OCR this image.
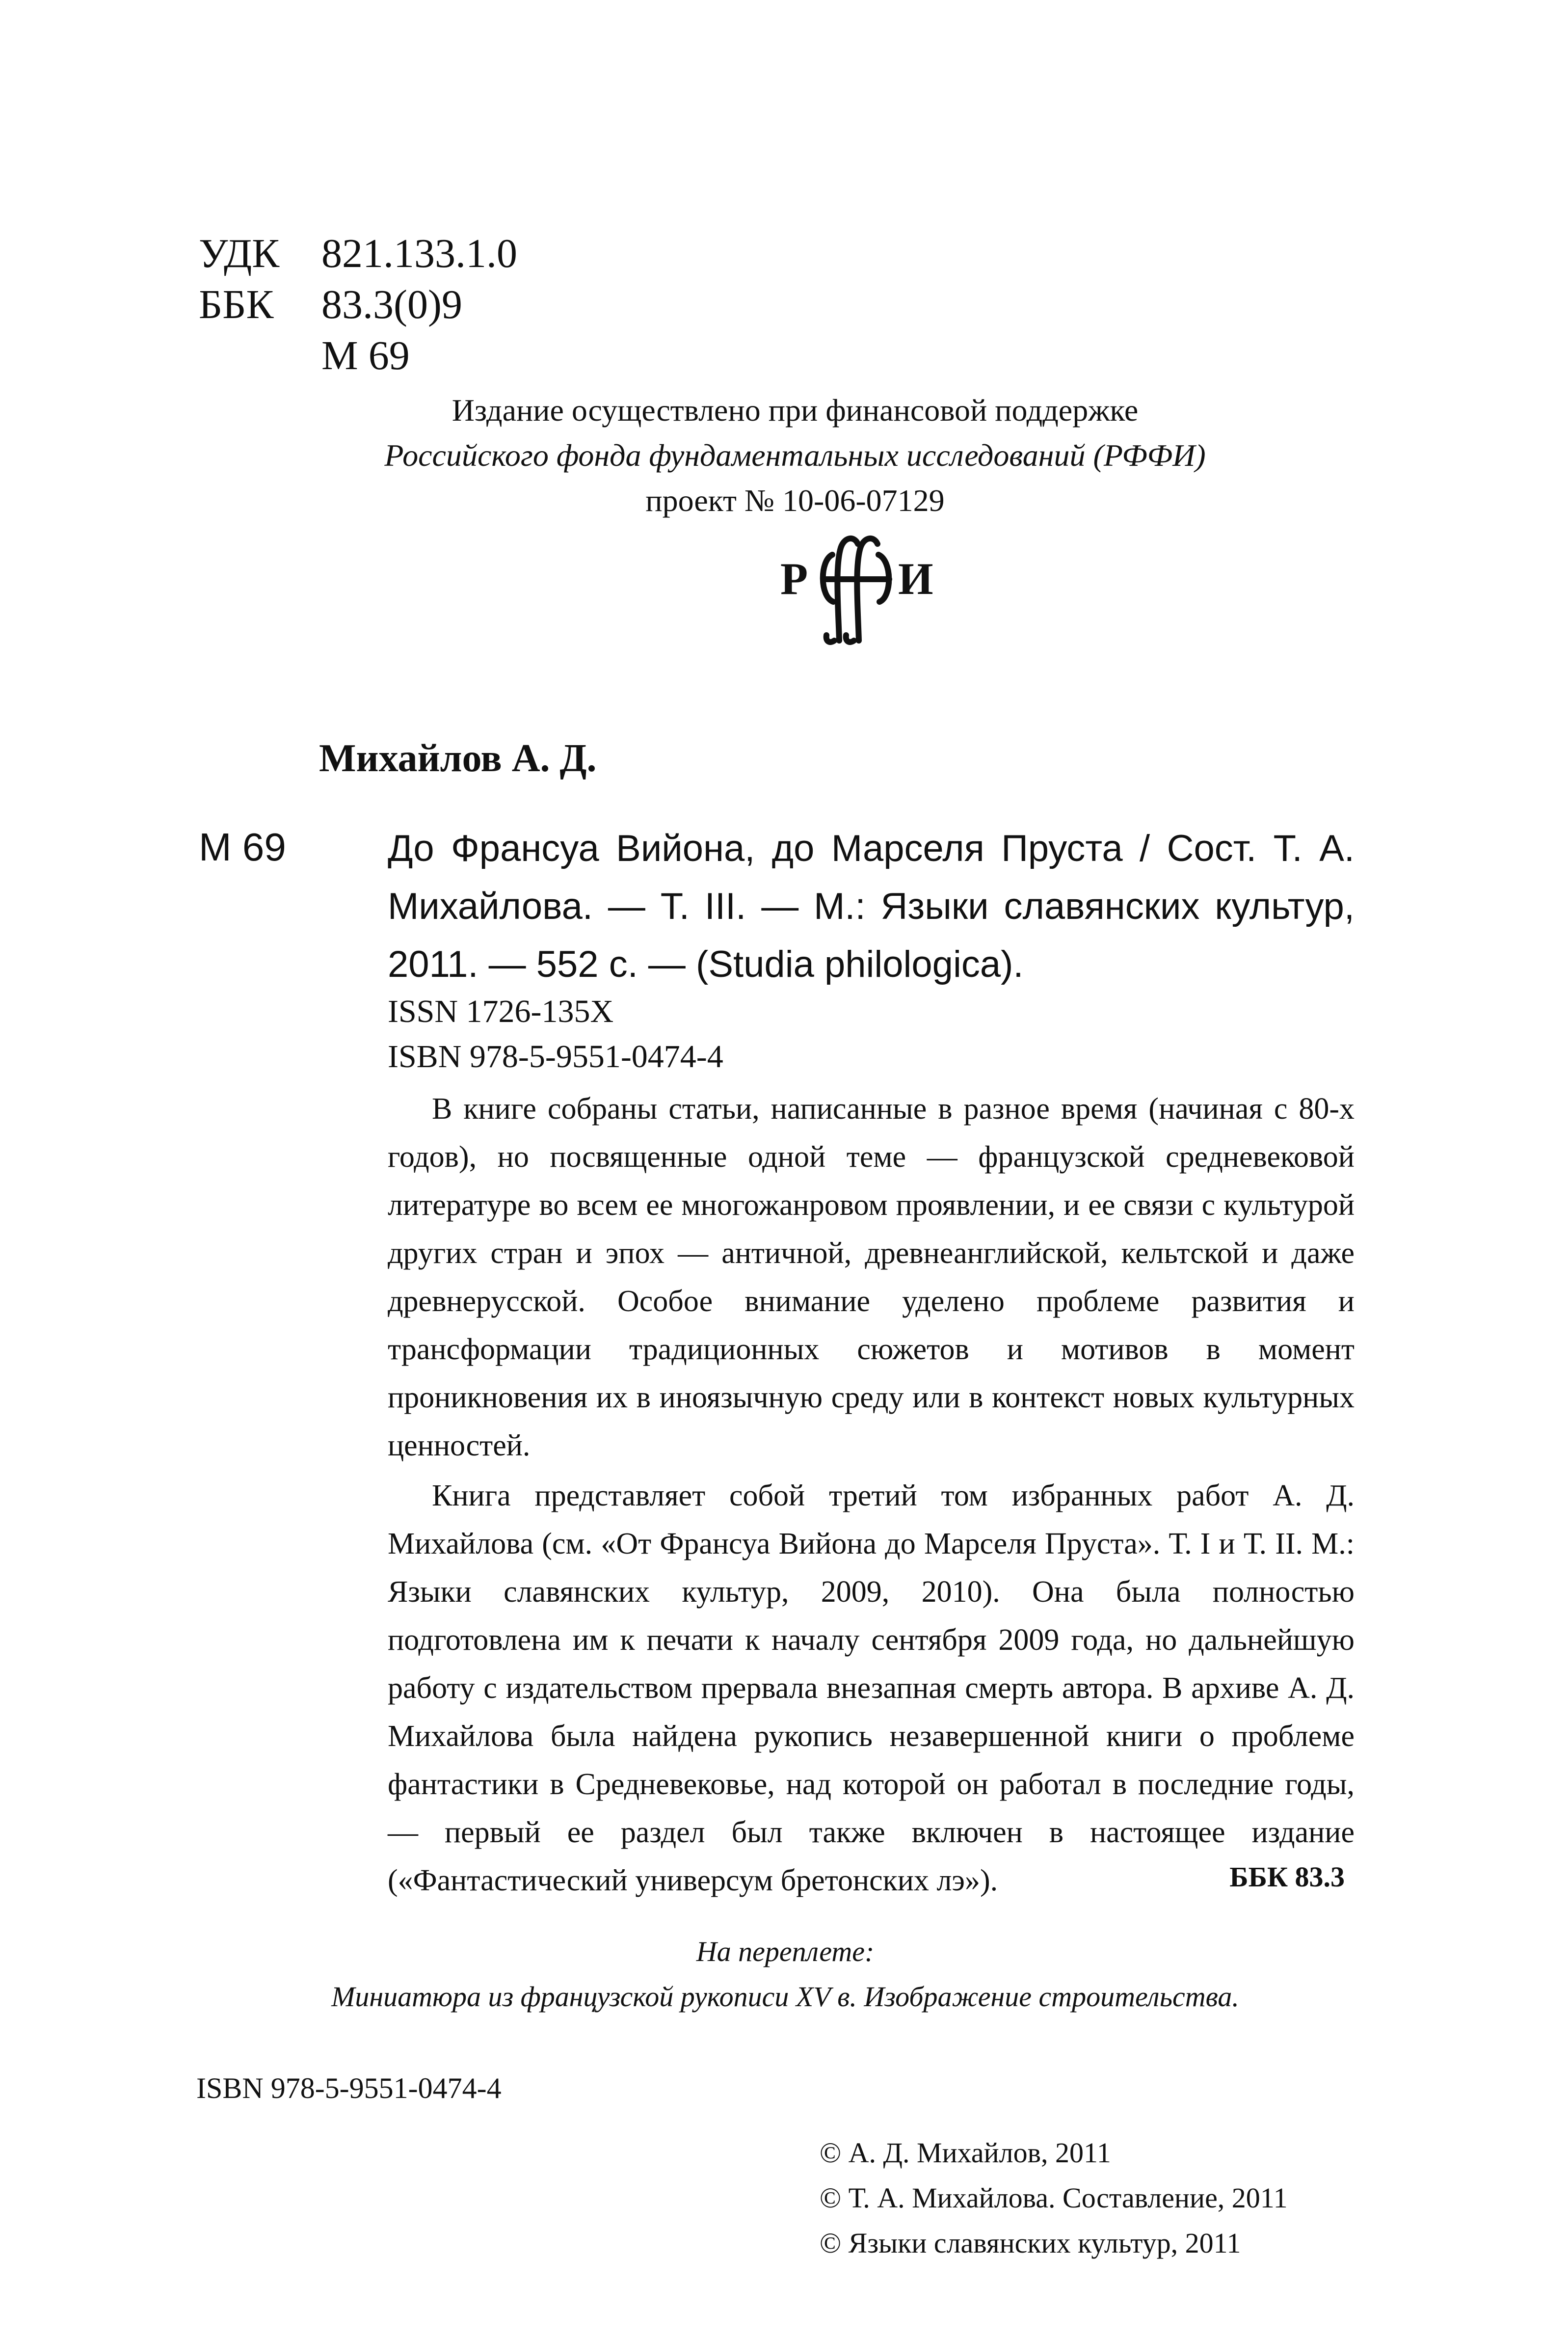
УДК	821.133.1.0
ББК	83.3(0)9
М 69
Издание осуществлено при финансовой поддержке
Российского фонда фундаментальных исследований (РФФИ)
проект № 10-06-07129
Р И
Михайлов А. Д.
М 69	До Франсуа Вийона, до Марселя Пруста / Сост. Т. А. Михайлова. — Т. III. — М.: Языки славянских культур, 2011. — 552 с. — (Studia philologica).
ISSN 1726-135X
ISBN 978-5-9551-0474-4

В книге собраны статьи, написанные в разное время (начиная с 80-х годов), но посвященные одной теме — французской средневековой литературе во всем ее многожанровом проявлении, и ее связи с культурой других стран и эпох — античной, древнеанглийской, кельтской и даже древнерусской. Особое внимание уделено проблеме развития и трансформации традиционных сюжетов и мотивов в момент проникновения их в иноязычную среду или в контекст новых культурных ценностей.

Книга представляет собой третий том избранных работ А. Д. Михайлова (см. «От Франсуа Вийона до Марселя Пруста». Т. I и Т. II. М.: Языки славянских культур, 2009, 2010). Она была полностью подготовлена им к печати к началу сентября 2009 года, но дальнейшую работу с издательством прервала внезапная смерть автора. В архиве А. Д. Михайлова была найдена рукопись незавершенной книги о проблеме фантастики в Средневековье, над которой он работал в последние годы, — первый ее раздел был также включен в настоящее издание («Фантастический универсум бретонских лэ»).	ББК 83.3
На переплете:
Миниатюра из французской рукописи XV в. Изображение строительства.
ISBN 978-5-9551-0474-4
© А. Д. Михайлов, 2011
© Т. А. Михайлова. Составление, 2011
© Языки славянских культур, 2011
